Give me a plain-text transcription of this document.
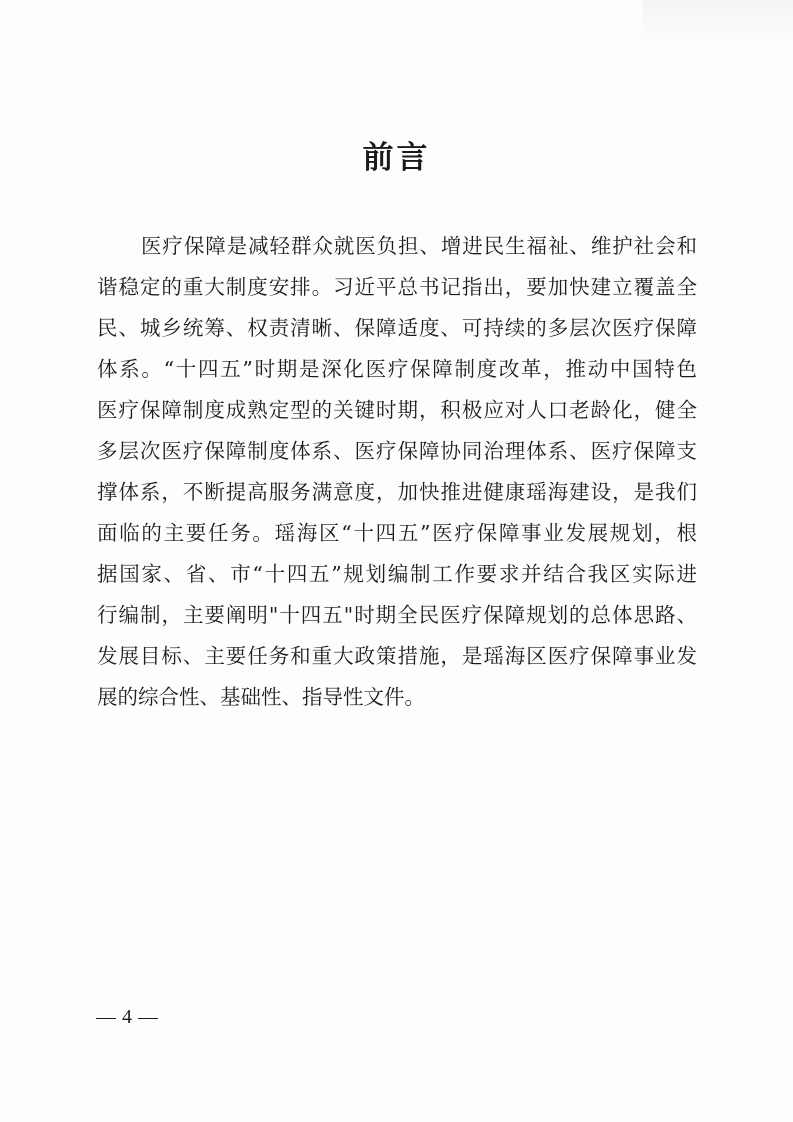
前言
医疗保障是减轻群众就医负担、增进民生福祉、维护社会和
谐稳定的重大制度安排。习近平总书记指出，要加快建立覆盖全
民、城乡统筹、权责清晰、保障适度、可持续的多层次医疗保障
体系。“十四五”时期是深化医疗保障制度改革，推动中国特色
医疗保障制度成熟定型的关键时期，积极应对人口老龄化，健全
多层次医疗保障制度体系、医疗保障协同治理体系、医疗保障支
撑体系，不断提高服务满意度，加快推进健康瑶海建设，是我们
面临的主要任务。瑶海区“十四五”医疗保障事业发展规划，根
据国家、省、市“十四五”规划编制工作要求并结合我区实际进
行编制，主要阐明"十四五"时期全民医疗保障规划的总体思路、
发展目标、主要任务和重大政策措施，是瑶海区医疗保障事业发
展的综合性、基础性、指导性文件。
4
